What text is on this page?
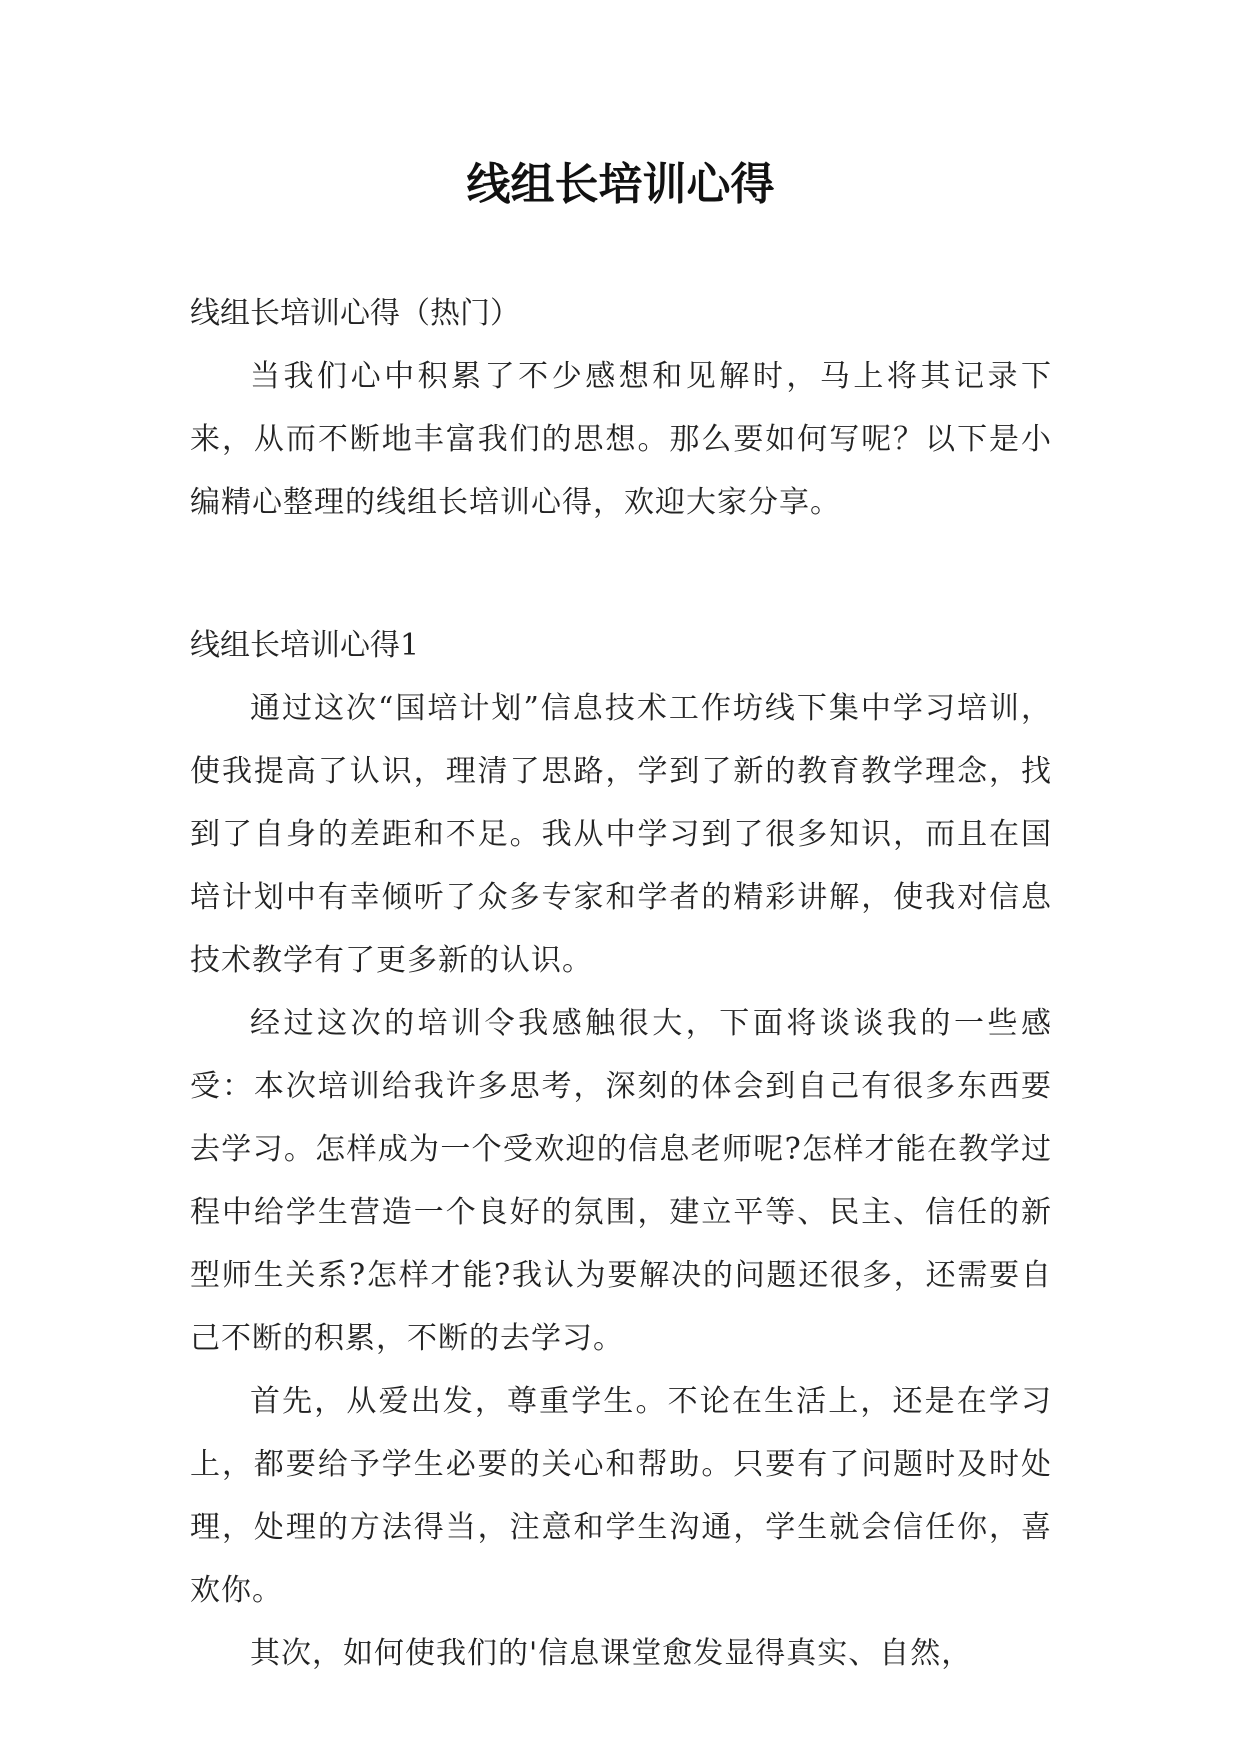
线组长培训心得

线组长培训心得（热门）

当我们心中积累了不少感想和见解时，马上将其记录下来，从而不断地丰富我们的思想。那么要如何写呢？以下是小编精心整理的线组长培训心得，欢迎大家分享。

线组长培训心得1

通过这次“国培计划”信息技术工作坊线下集中学习培训，使我提高了认识，理清了思路，学到了新的教育教学理念，找到了自身的差距和不足。我从中学习到了很多知识，而且在国培计划中有幸倾听了众多专家和学者的精彩讲解，使我对信息技术教学有了更多新的认识。

经过这次的培训令我感触很大，下面将谈谈我的一些感受：本次培训给我许多思考，深刻的体会到自己有很多东西要去学习。怎样成为一个受欢迎的信息老师呢?怎样才能在教学过程中给学生营造一个良好的氛围，建立平等、民主、信任的新型师生关系?怎样才能?我认为要解决的问题还很多，还需要自己不断的积累，不断的去学习。

首先，从爱出发，尊重学生。不论在生活上，还是在学习上，都要给予学生必要的关心和帮助。只要有了问题时及时处理，处理的方法得当，注意和学生沟通，学生就会信任你，喜欢你。

其次，如何使我们的'信息课堂愈发显得真实、自然，
